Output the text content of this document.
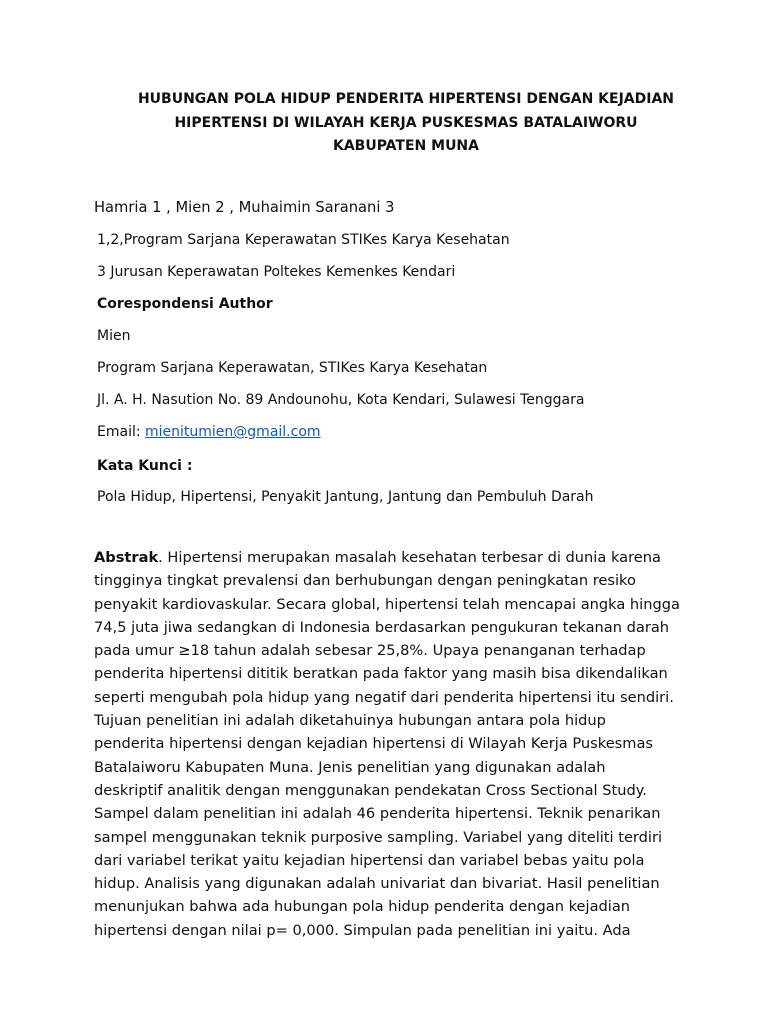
HUBUNGAN POLA HIDUP PENDERITA HIPERTENSI DENGAN KEJADIAN
HIPERTENSI DI WILAYAH KERJA PUSKESMAS BATALAIWORU
KABUPATEN MUNA
Hamria 1 , Mien 2 , Muhaimin Saranani 3
1,2,Program Sarjana Keperawatan STIKes Karya Kesehatan
3 Jurusan Keperawatan Poltekes Kemenkes Kendari
Corespondensi Author
Mien
Program Sarjana Keperawatan, STIKes Karya Kesehatan
Jl. A. H. Nasution No. 89 Andounohu, Kota Kendari, Sulawesi Tenggara
Email: mienitumien@gmail.com
Kata Kunci :
Pola Hidup, Hipertensi, Penyakit Jantung, Jantung dan Pembuluh Darah
Abstrak. Hipertensi merupakan masalah kesehatan terbesar di dunia karena
tingginya tingkat prevalensi dan berhubungan dengan peningkatan resiko
penyakit kardiovaskular. Secara global, hipertensi telah mencapai angka hingga
74,5 juta jiwa sedangkan di Indonesia berdasarkan pengukuran tekanan darah
pada umur ≥18 tahun adalah sebesar 25,8%. Upaya penanganan terhadap
penderita hipertensi dititik beratkan pada faktor yang masih bisa dikendalikan
seperti mengubah pola hidup yang negatif dari penderita hipertensi itu sendiri.
Tujuan penelitian ini adalah diketahuinya hubungan antara pola hidup
penderita hipertensi dengan kejadian hipertensi di Wilayah Kerja Puskesmas
Batalaiworu Kabupaten Muna. Jenis penelitian yang digunakan adalah
deskriptif analitik dengan menggunakan pendekatan Cross Sectional Study.
Sampel dalam penelitian ini adalah 46 penderita hipertensi. Teknik penarikan
sampel menggunakan teknik purposive sampling. Variabel yang diteliti terdiri
dari variabel terikat yaitu kejadian hipertensi dan variabel bebas yaitu pola
hidup. Analisis yang digunakan adalah univariat dan bivariat. Hasil penelitian
menunjukan bahwa ada hubungan pola hidup penderita dengan kejadian
hipertensi dengan nilai p= 0,000. Simpulan pada penelitian ini yaitu. Ada
